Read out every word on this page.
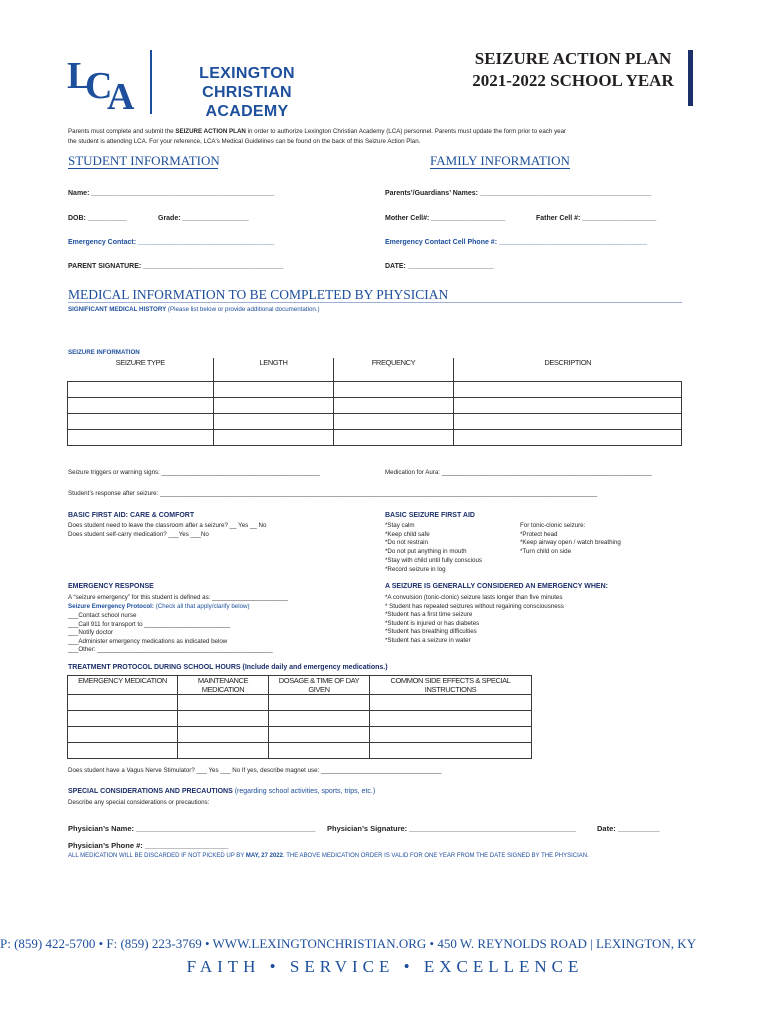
L
C
A
LEXINGTON CHRISTIAN
ACADEMY
SEIZURE ACTION PLAN
2021-2022 SCHOOL YEAR
Parents must complete and submit the SEIZURE ACTION PLAN in order to authorize Lexington Christian Academy (LCA) personnel. Parents must update the form prior to each year
the student is attending LCA. For your reference, LCA's Medical Guidelines can be found on the back of this Seizure Action Plan.
STUDENT INFORMATION	FAMILY INFORMATION
Name: _______________________________________________	Parents’/Guardians’ Names: ____________________________________________
DOB: __________	Grade: _________________	Mother Cell#: ___________________	Father Cell #: ___________________
Emergency Contact: ___________________________________	Emergency Contact Cell Phone #: ______________________________________
PARENT SIGNATURE: ____________________________________	DATE: ______________________
MEDICAL INFORMATION TO BE COMPLETED BY PHYSICIAN
SIGNIFICANT MEDICAL HISTORY (Please list below or provide additional documentation.)
SEIZURE INFORMATION
SEIZURE TYPE	LENGTH	FREQUENCY	DESCRIPTION

Seizure triggers or warning signs: ______________________________________________	Medication for Aura: _____________________________________________________________
Student’s response after seizure: _______________________________________________________________________________________________________________________________
BASIC FIRST AID: CARE & COMFORT
Does student need to leave the classroom after a seizure? __ Yes __ No
Does student self-carry medication? ___Yes ___No
BASIC SEIZURE FIRST AID
*Stay calm
*Keep child safe
*Do not restrain
*Do not put anything in mouth
*Stay with child until fully conscious
*Record seizure in log
For tonic-clonic seizure:
*Protect head
*Keep airway open / watch breathing
*Turn child on side
EMERGENCY RESPONSE
A “seizure emergency” for this student is defined as: ______________________
Seizure Emergency Protocol: (Check all that apply/clarify below)
___Contact school nurse
___Call 911 for transport to _________________________
___Notify doctor
___Administer emergency medications as indicated below
___Other: ___________________________________________________
A SEIZURE IS GENERALLY CONSIDERED AN EMERGENCY WHEN:
*A convulsion (tonic-clonic) seizure lasts longer than five minutes
* Student has repeated seizures without regaining consciousness
*Student has a first time seizure
*Student is injured or has diabetes
*Student has breathing difficulties
*Student has a seizure in water
TREATMENT PROTOCOL DURING SCHOOL HOURS (Include daily and emergency medications.)
EMERGENCY MEDICATION	MAINTENANCE MEDICATION	DOSAGE & TIME OF DAY GIVEN	COMMON SIDE EFFECTS & SPECIAL INSTRUCTIONS

Does student have a Vagus Nerve Stimulator? ___ Yes ___ No If yes, describe magnet use: ___________________________________
SPECIAL CONSIDERATIONS AND PRECAUTIONS (regarding school activities, sports, trips, etc.)
Describe any special considerations or precautions:
Physician’s Name: ___________________________________________ Physician’s Signature: ________________________________________	Date: __________
Physician’s Phone #: ____________________
ALL MEDICATION WILL BE DISCARDED IF NOT PICKED UP BY MAY, 27 2022. THE ABOVE MEDICATION ORDER IS VALID FOR ONE YEAR FROM THE DATE SIGNED BY THE PHYSICIAN.
P: (859) 422-5700 • F: (859) 223-3769 • WWW.LEXINGTONCHRISTIAN.ORG • 450 W. REYNOLDS ROAD | LEXINGTON, KY
FAITH • SERVICE • EXCELLENCE
